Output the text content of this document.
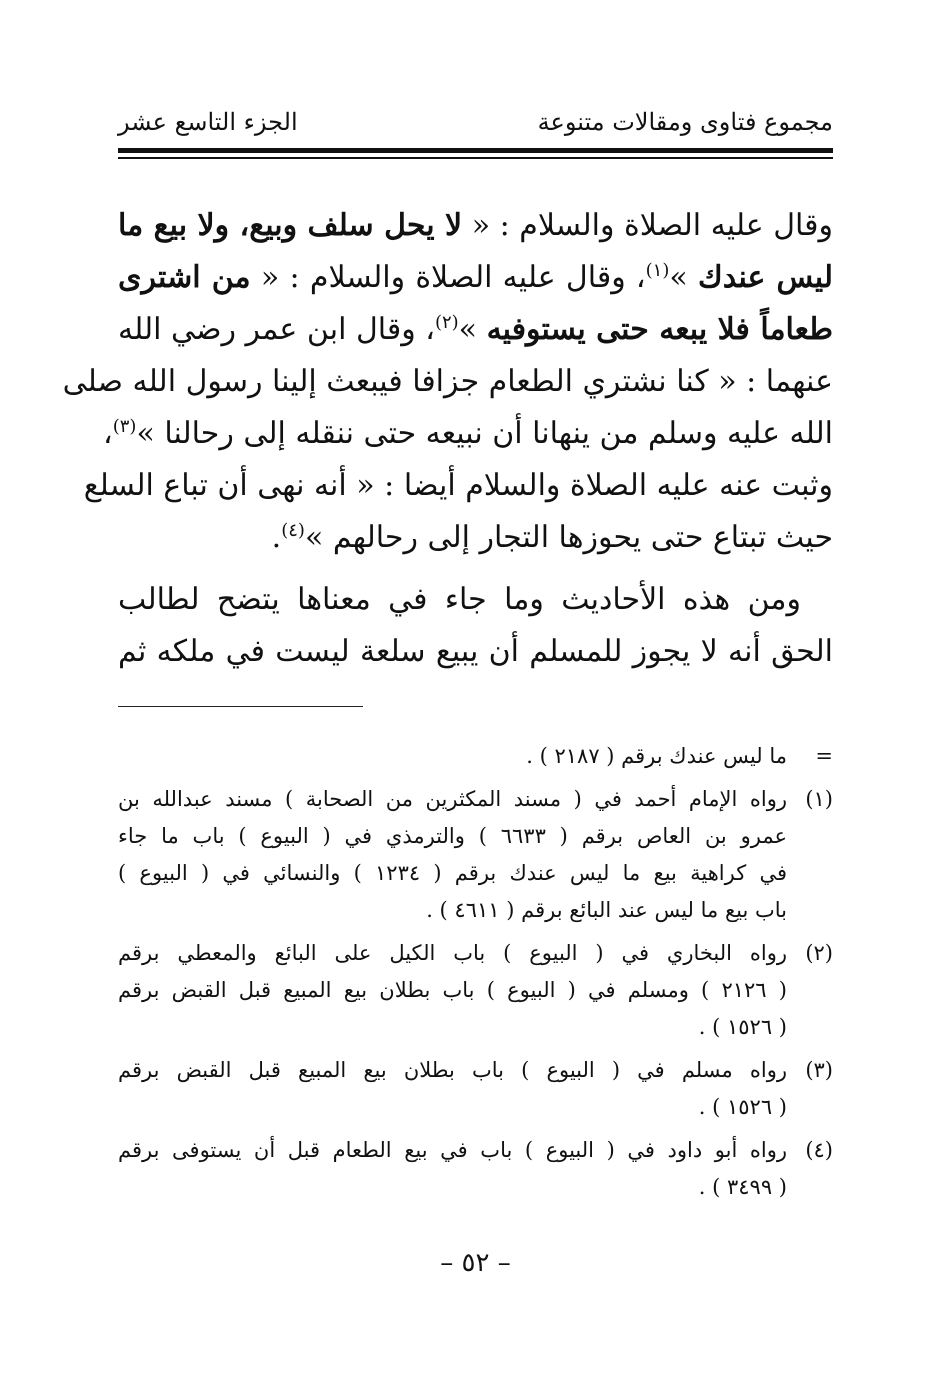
مجموع فتاوى ومقالات متنوعة
الجزء التاسع عشر
وقال عليه الصلاة والسلام : « لا يحل سلف وبيع، ولا بيع ما
ليس عندك »$^{(١)}$، وقال عليه الصلاة والسلام : « من اشترى
طعاماً فلا يبعه حتى يستوفيه »$^{(٢)}$، وقال ابن عمر رضي الله
عنهما : « كنا نشتري الطعام جزافا فيبعث إلينا رسول الله صلى
الله عليه وسلم من ينهانا أن نبيعه حتى ننقله إلى رحالنا »$^{(٣)}$،
وثبت عنه عليه الصلاة والسلام أيضا : « أنه نهى أن تباع السلع
حيث تبتاع حتى يحوزها التجار إلى رحالهم »$^{(٤)}$.
ومن هذه الأحاديث وما جاء في معناها يتضح لطالب
الحق أنه لا يجوز للمسلم أن يبيع سلعة ليست في ملكه ثم
=
ما ليس عندك برقم ( ٢١٨٧ ) .
(١)
رواه الإمام أحمد في ( مسند المكثرين من الصحابة ) مسند عبدالله بن
عمرو بن العاص برقم ( ٦٦٣٣ ) والترمذي في ( البيوع ) باب ما جاء
في كراهية بيع ما ليس عندك برقم ( ١٢٣٤ ) والنسائي في ( البيوع )
باب بيع ما ليس عند البائع برقم ( ٤٦١١ ) .
(٢)
رواه البخاري في ( البيوع ) باب الكيل على البائع والمعطي برقم
( ٢١٢٦ ) ومسلم في ( البيوع ) باب بطلان بيع المبيع قبل القبض برقم
( ١٥٢٦ ) .
(٣)
رواه مسلم في ( البيوع ) باب بطلان بيع المبيع قبل القبض برقم
( ١٥٢٦ ) .
(٤)
رواه أبو داود في ( البيوع ) باب في بيع الطعام قبل أن يستوفى برقم
( ٣٤٩٩ ) .
– ٥٢ –
